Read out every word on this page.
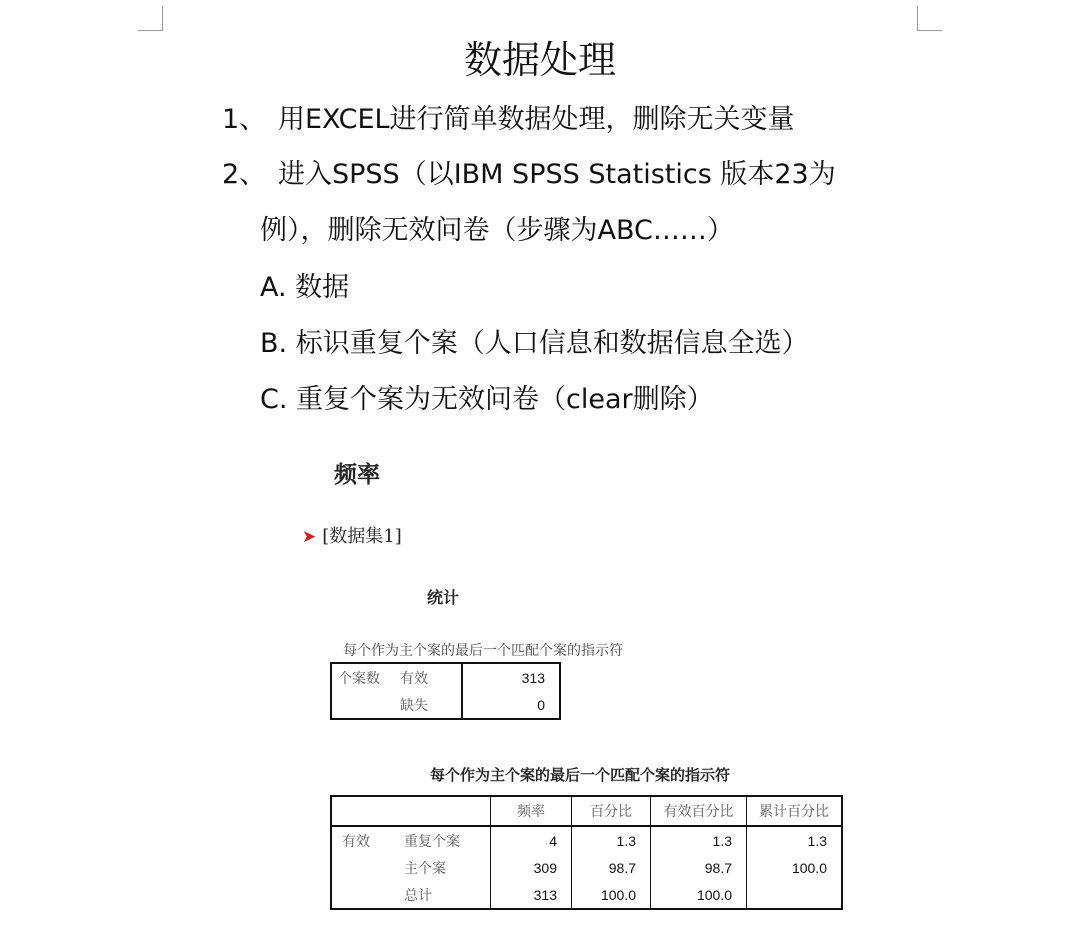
数据处理
1、 用EXCEL进行简单数据处理，删除无关变量
2、 进入SPSS（以IBM SPSS Statistics 版本23为
例），删除无效问卷（步骤为ABC……）
A. 数据
B. 标识重复个案（人口信息和数据信息全选）
C. 重复个案为无效问卷（clear删除）
频率
➤ [数据集1]
统计
每个作为主个案的最后一个匹配个案的指示符
个案数	有效	313
	缺失	0
每个作为主个案的最后一个匹配个案的指示符
		频率	百分比	有效百分比	累计百分比
有效	重复个案	4	1.3	1.3	1.3
	主个案	309	98.7	98.7	100.0
	总计	313	100.0	100.0	
